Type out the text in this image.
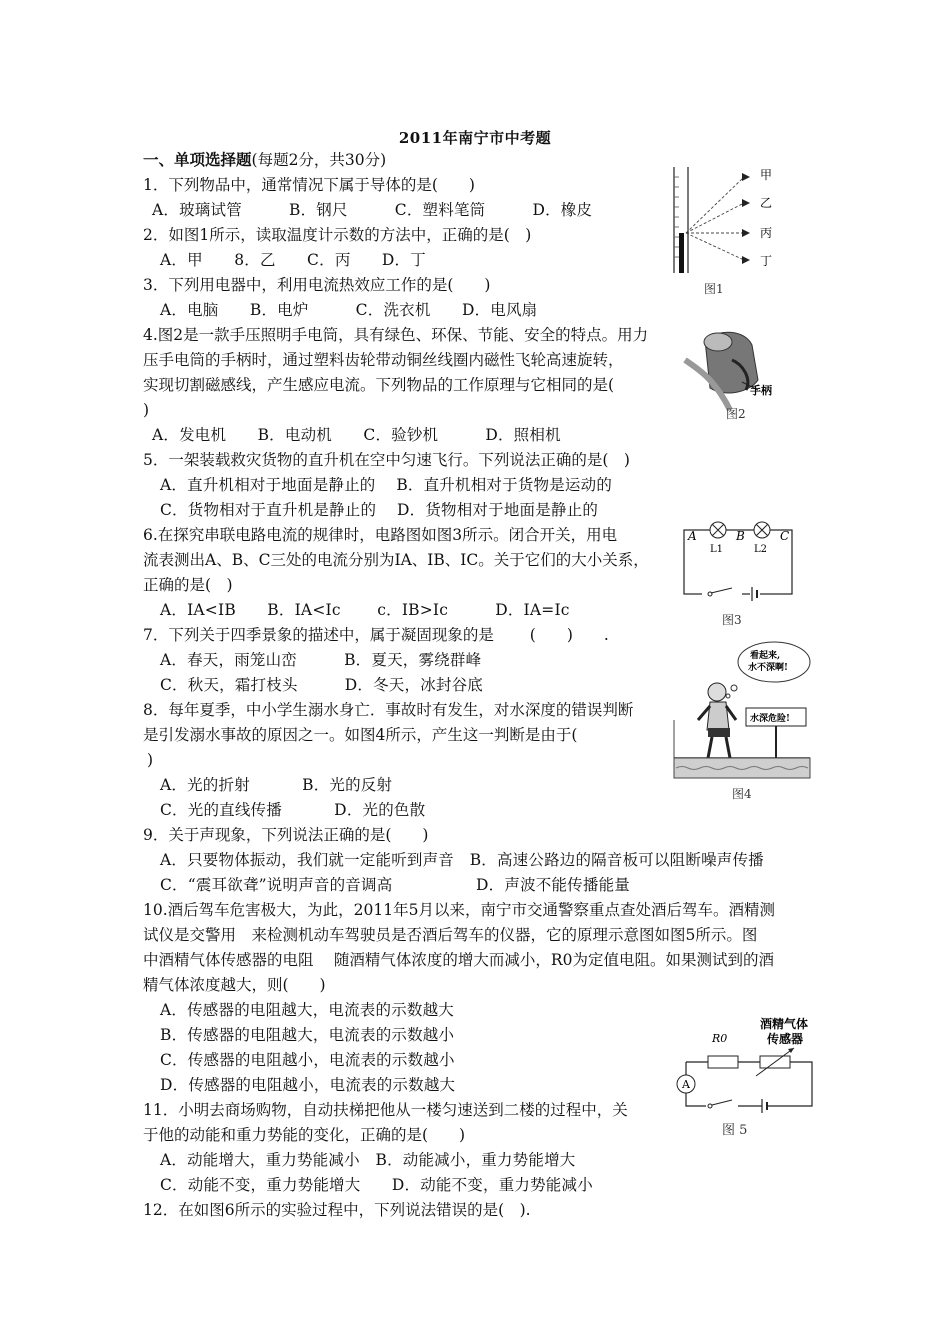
2011年南宁市中考题
一、单项选择题(每题2分，共30分)
1．下列物品中，通常情况下属于导体的是(　　)
A．玻璃试管　　　B．钢尺　　　C．塑料笔筒　　　D．橡皮
2．如图1所示，读取温度计示数的方法中，正确的是(　)
A．甲　　8．乙　　C．丙　　D．丁
3．下列用电器中，利用电流热效应工作的是(　　)
A．电脑　　B．电炉　　　C．洗衣机　　D．电风扇
4.图2是一款手压照明手电筒，具有绿色、环保、节能、安全的特点。用力
压手电筒的手柄时，通过塑料齿轮带动铜丝线圈内磁性飞轮高速旋转，
实现切割磁感线，产生感应电流。下列物品的工作原理与它相同的是(
)
A．发电机　　B．电动机　　C．验钞机　　　D．照相机
5．一架装载救灾货物的直升机在空中匀速飞行。下列说法正确的是(　)
A．直升机相对于地面是静止的　 B．直升机相对于货物是运动的
C．货物相对于直升机是静止的　 D．货物相对于地面是静止的
6.在探究串联电路电流的规律时，电路图如图3所示。闭合开关，用电
流表测出A、B、C三处的电流分别为IA、IB、IC。关于它们的大小关系，
正确的是(　)
A．IA<IB　　B．IA<Ic　　 c．IB>Ic　　　D．IA=Ic
7．下列关于四季景象的描述中，属于凝固现象的是　　 (　　)　　.
A．春天，雨笼山峦　　　B．夏天，雾绕群峰
C．秋天，霜打枝头　　　D．冬天，冰封谷底
8．每年夏季，中小学生溺水身亡．事故时有发生，对水深度的错误判断
是引发溺水事故的原因之一。如图4所示，产生这一判断是由于(
)
A．光的折射　　　 B．光的反射
C．光的直线传播　　　 D．光的色散
9．关于声现象，下列说法正确的是(　　)
A．只要物体振动，我们就一定能听到声音　B．高速公路边的隔音板可以阻断噪声传播
C．“震耳欲聋”说明声音的音调高　　　　　 D．声波不能传播能量
10.酒后驾车危害极大，为此，2011年5月以来，南宁市交通警察重点查处酒后驾车。酒精测
试仪是交警用　来检测机动车驾驶员是否酒后驾车的仪器，它的原理示意图如图5所示。图
中酒精气体传感器的电阻　 随酒精气体浓度的增大而减小，R0为定值电阻。如果测试到的酒
精气体浓度越大，则(　　)
A．传感器的电阻越大，电流表的示数越大
B．传感器的电阻越大，电流表的示数越小
C．传感器的电阻越小，电流表的示数越小
D．传感器的电阻越小，电流表的示数越大
11．小明去商场购物，自动扶梯把他从一楼匀速送到二楼的过程中，关
于他的动能和重力势能的变化，正确的是(　　)
A．动能增大，重力势能减小　B．动能减小，重力势能增大
C．动能不变，重力势能增大　　D．动能不变，重力势能减小
12．在如图6所示的实验过程中，下列说法错误的是(　).
甲
乙
丙
丁
图1
手柄
图2
A	B	C
L1	L2
图3
看起来,
水不深啊!
水深危险!
图4
酒精气体
传感器
R0
A
图 5
